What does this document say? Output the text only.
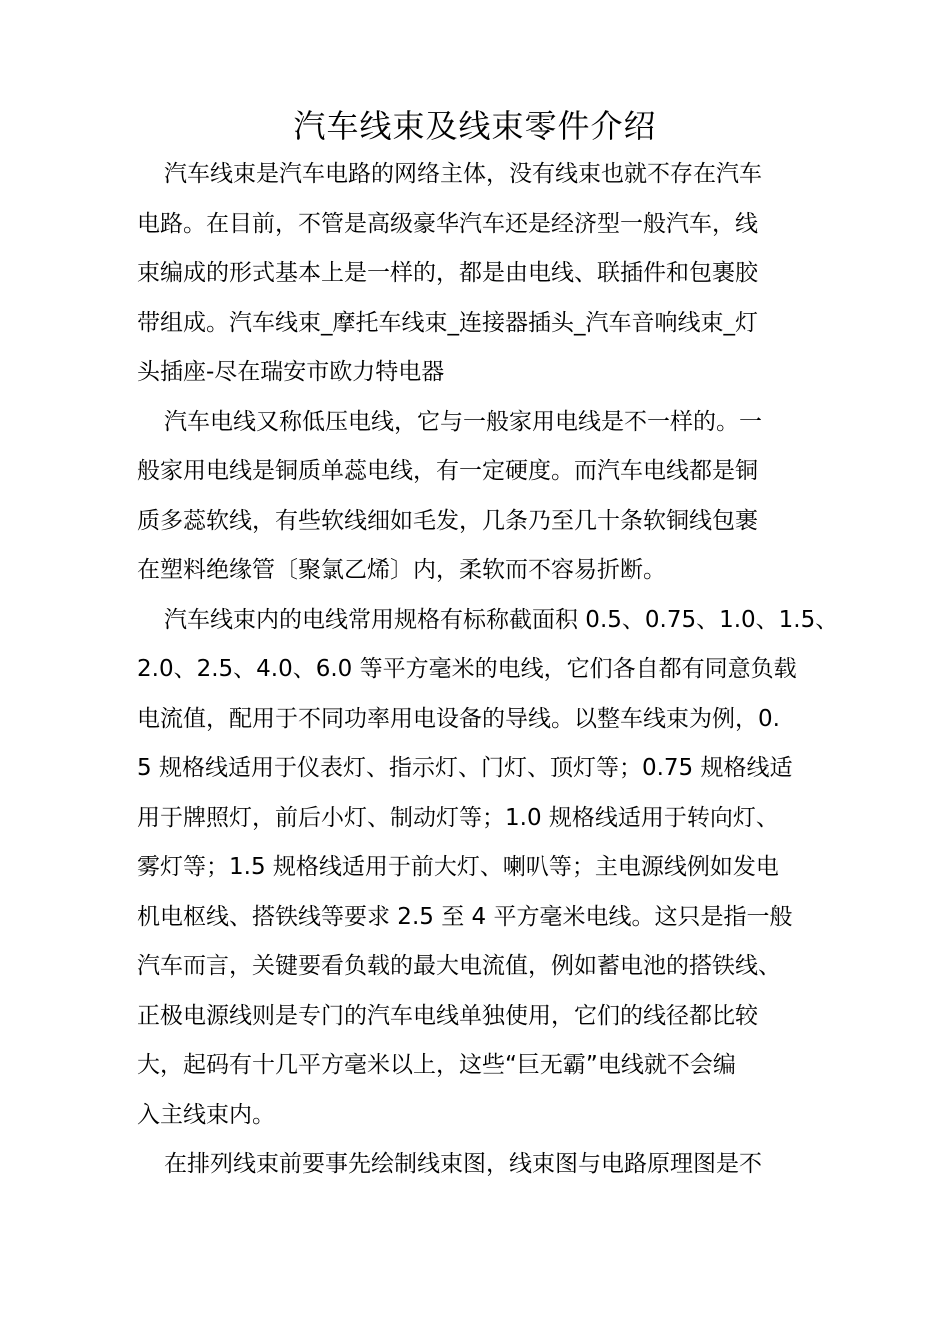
汽车线束及线束零件介绍

汽车线束是汽车电路的网络主体，没有线束也就不存在汽车
电路。在目前，不管是高级豪华汽车还是经济型一般汽车，线
束编成的形式基本上是一样的，都是由电线、联插件和包裹胶
带组成。汽车线束_摩托车线束_连接器插头_汽车音响线束_灯
头插座-尽在瑞安市欧力特电器

汽车电线又称低压电线，它与一般家用电线是不一样的。一
般家用电线是铜质单蕊电线，有一定硬度。而汽车电线都是铜
质多蕊软线，有些软线细如毛发，几条乃至几十条软铜线包裹
在塑料绝缘管〔聚氯乙烯〕内，柔软而不容易折断。

汽车线束内的电线常用规格有标称截面积 0.5、0.75、1.0、1.5、
2.0、2.5、4.0、6.0 等平方毫米的电线，它们各自都有同意负载
电流值，配用于不同功率用电设备的导线。以整车线束为例，0.
5 规格线适用于仪表灯、指示灯、门灯、顶灯等；0.75 规格线适
用于牌照灯，前后小灯、制动灯等；1.0 规格线适用于转向灯、
雾灯等；1.5 规格线适用于前大灯、喇叭等；主电源线例如发电
机电枢线、搭铁线等要求 2.5 至 4 平方毫米电线。这只是指一般
汽车而言，关键要看负载的最大电流值，例如蓄电池的搭铁线、
正极电源线则是专门的汽车电线单独使用，它们的线径都比较
大，起码有十几平方毫米以上，这些“巨无霸”电线就不会编
入主线束内。

在排列线束前要事先绘制线束图，线束图与电路原理图是不
